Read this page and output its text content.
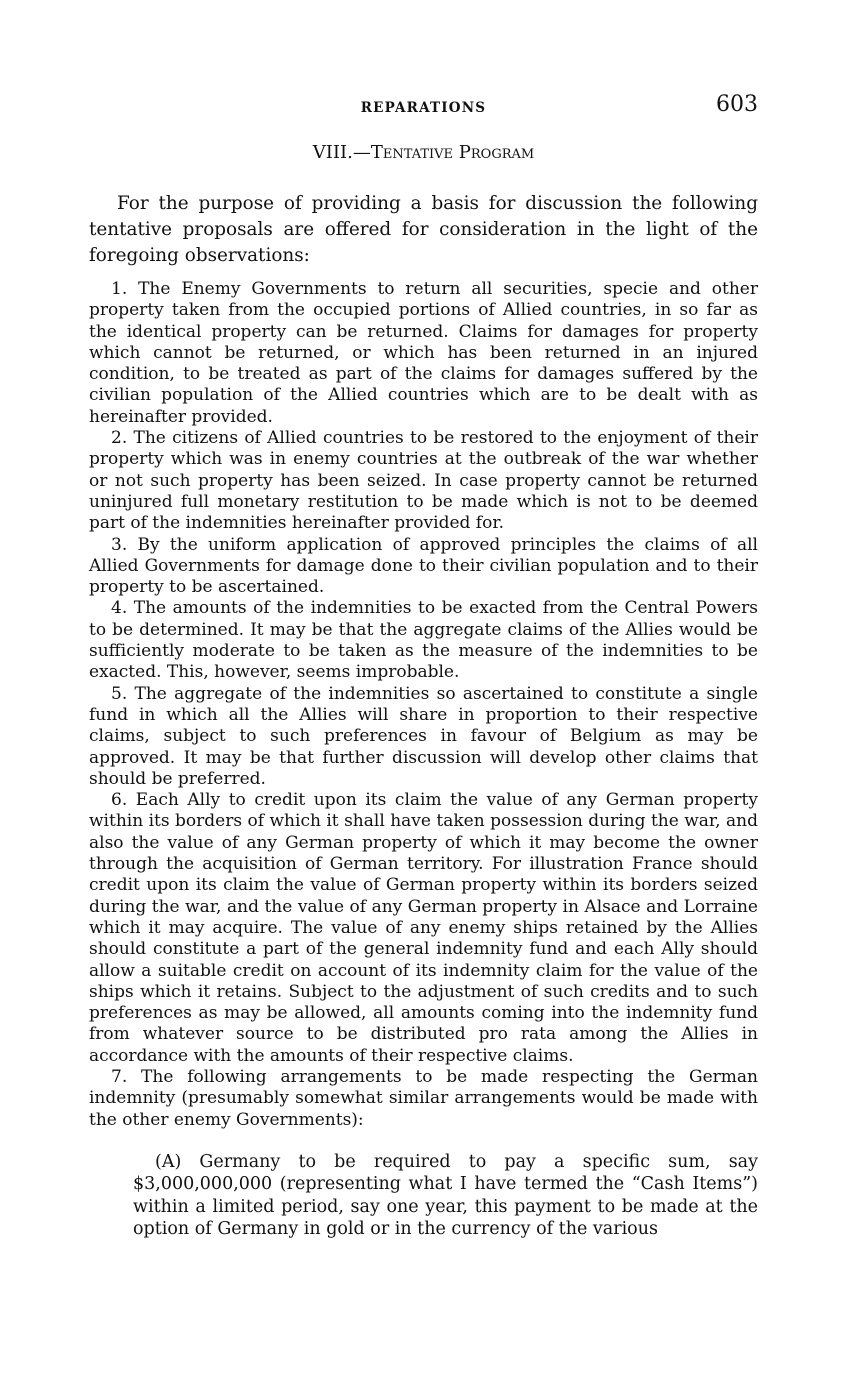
REPARATIONS	603
VIII.—Tentative Program

For the purpose of providing a basis for discussion the following tentative proposals are offered for consideration in the light of the foregoing observations:

1. The Enemy Governments to return all securities, specie and other property taken from the occupied portions of Allied countries, in so far as the identical property can be returned. Claims for damages for property which cannot be returned, or which has been returned in an injured condition, to be treated as part of the claims for damages suffered by the civilian population of the Allied countries which are to be dealt with as hereinafter provided.

2. The citizens of Allied countries to be restored to the enjoyment of their property which was in enemy countries at the outbreak of the war whether or not such property has been seized. In case property cannot be returned uninjured full monetary restitution to be made which is not to be deemed part of the indemnities hereinafter provided for.

3. By the uniform application of approved principles the claims of all Allied Governments for damage done to their civilian population and to their property to be ascertained.

4. The amounts of the indemnities to be exacted from the Central Powers to be determined. It may be that the aggregate claims of the Allies would be sufficiently moderate to be taken as the measure of the indemnities to be exacted. This, however, seems improbable.

5. The aggregate of the indemnities so ascertained to constitute a single fund in which all the Allies will share in proportion to their respective claims, subject to such preferences in favour of Belgium as may be approved. It may be that further discussion will develop other claims that should be preferred.

6. Each Ally to credit upon its claim the value of any German property within its borders of which it shall have taken possession during the war, and also the value of any German property of which it may become the owner through the acquisition of German territory. For illustration France should credit upon its claim the value of German property within its borders seized during the war, and the value of any German property in Alsace and Lorraine which it may acquire. The value of any enemy ships retained by the Allies should constitute a part of the general indemnity fund and each Ally should allow a suitable credit on account of its indemnity claim for the value of the ships which it retains. Subject to the adjustment of such credits and to such preferences as may be allowed, all amounts coming into the indemnity fund from whatever source to be distributed pro rata among the Allies in accordance with the amounts of their respective claims.

7. The following arrangements to be made respecting the German indemnity (presumably somewhat similar arrangements would be made with the other enemy Governments):

(A) Germany to be required to pay a specific sum, say $3,000,000,000 (representing what I have termed the “Cash Items”) within a limited period, say one year, this payment to be made at the option of Germany in gold or in the currency of the various
